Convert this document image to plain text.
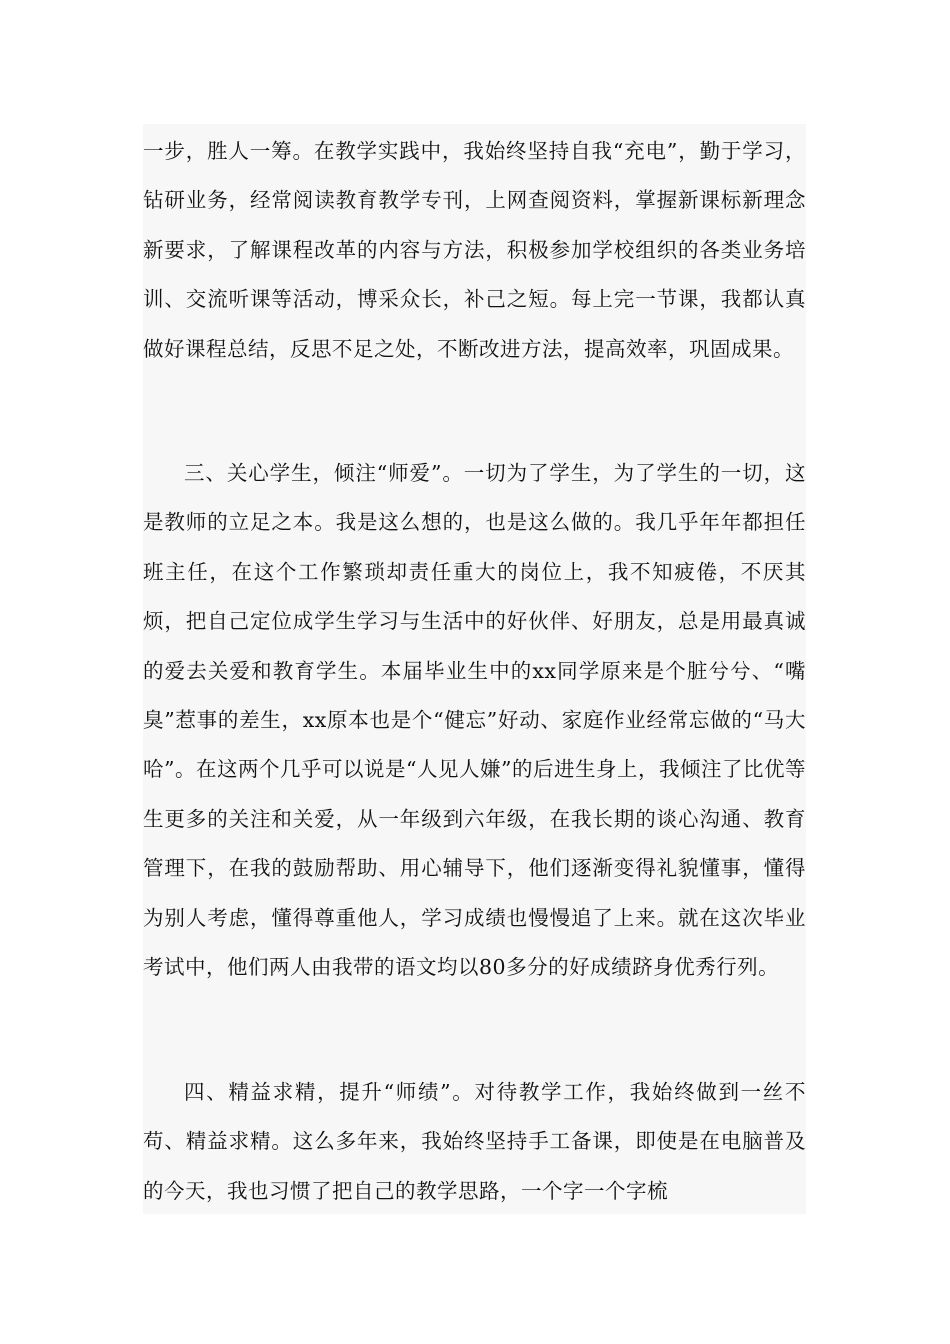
一步，胜人一筹。在教学实践中，我始终坚持自我“充电”，勤于学习，钻研业务，经常阅读教育教学专刊，上网查阅资料，掌握新课标新理念新要求，了解课程改革的内容与方法，积极参加学校组织的各类业务培训、交流听课等活动，博采众长，补己之短。每上完一节课，我都认真做好课程总结，反思不足之处，不断改进方法，提高效率，巩固成果。

三、关心学生，倾注“师爱”。一切为了学生，为了学生的一切，这是教师的立足之本。我是这么想的，也是这么做的。我几乎年年都担任班主任，在这个工作繁琐却责任重大的岗位上，我不知疲倦，不厌其烦，把自己定位成学生学习与生活中的好伙伴、好朋友，总是用最真诚的爱去关爱和教育学生。本届毕业生中的xx同学原来是个脏兮兮、“嘴臭”惹事的差生，xx原本也是个“健忘”好动、家庭作业经常忘做的“马大哈”。在这两个几乎可以说是“人见人嫌”的后进生身上，我倾注了比优等生更多的关注和关爱，从一年级到六年级，在我长期的谈心沟通、教育管理下，在我的鼓励帮助、用心辅导下，他们逐渐变得礼貌懂事，懂得为别人考虑，懂得尊重他人，学习成绩也慢慢追了上来。就在这次毕业考试中，他们两人由我带的语文均以80多分的好成绩跻身优秀行列。

四、精益求精，提升“师绩”。对待教学工作，我始终做到一丝不苟、精益求精。这么多年来，我始终坚持手工备课，即使是在电脑普及的今天，我也习惯了把自己的教学思路，一个字一个字梳
